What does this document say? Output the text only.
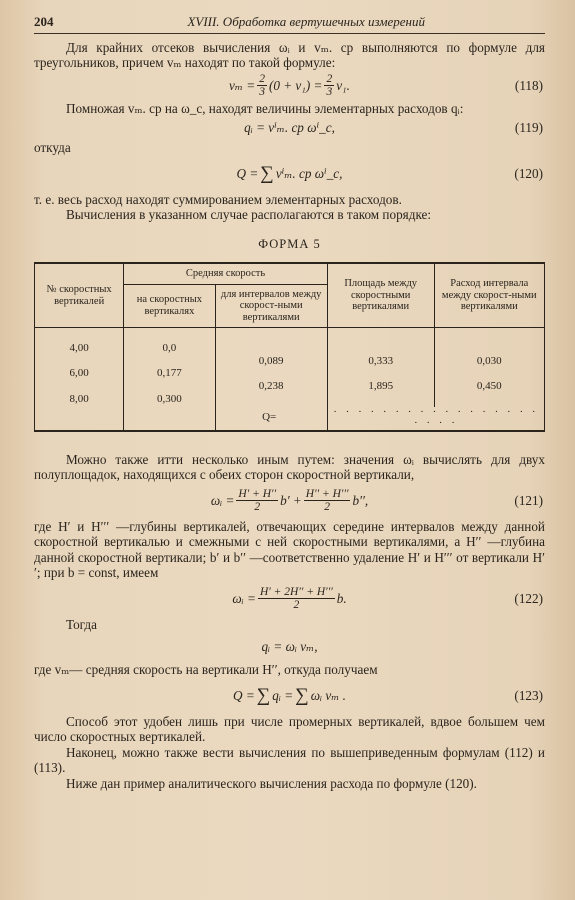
204	XVIII. Обработка вертушечных измерений

Для крайних отсеков вычисления ωᵢ и vₘ. ср выполняются по формуле для треугольников, причем vₘ находят по такой формуле:

$v_m = \frac{2}{3} (0 + v_1) = \frac{2}{3} v_1$.	(118)

Помножая vₘ. ср на ω_c, находят величины элементарных расходов qᵢ:

qᵢ = vⁱₘ. ср ωⁱ_c,	(119)

откуда

Q = ∑ vⁱₘ. ср ωⁱ_c,	(120)

т. е. весь расход находят суммированием элементарных расходов.

Вычисления в указанном случае располагаются в таком порядке:

ФОРМА 5
№ скоростных вертикалей	Средняя скорость		Площадь между скоростными вертикалями	Расход интервала между скорост-ными вертикалями
	на скоростных вертикалях	для интервалов между скорост-ными вертикалями		

4,00	0,0			
		0,089	0,333	0,030
6,00	0,177			
		0,238	1,895	0,450
8,00	0,300			
		Q=	· · · · · · · · · · · · · · · · · · · · ·	

Можно также итти несколько иным путем: значения ωᵢ вычислять для двух полуплощадок, находящихся с обеих сторон скоростной вертикали,

ωᵢ = $\frac{H' + H''}{2} b' + \frac{H'' + H'''}{2} b''$,	(121)

где H′ и H′′′ —глубины вертикалей, отвечающих середине интервалов между данной скоростной вертикалью и смежными с ней скоростными вертикалями, а H′′ —глубина данной скоростной вертикали; b′ и b′′ —соответственно удаление H′ и H′′′ от вертикали H′′; при b = const, имеем

ωᵢ = $\frac{H' + 2H'' + H'''}{2} b$.	(122)

Тогда

qᵢ = ωᵢ vₘ,

где vₘ— средняя скорость на вертикали H′′, откуда получаем

Q = ∑ qᵢ = ∑ ωᵢ vₘ .	(123)

Способ этот удобен лишь при числе промерных вертикалей, вдвое большем чем число скоростных вертикалей.

Наконец, можно также вести вычисления по вышеприведенным формулам (112) и (113).

Ниже дан пример аналитического вычисления расхода по формуле (120).
